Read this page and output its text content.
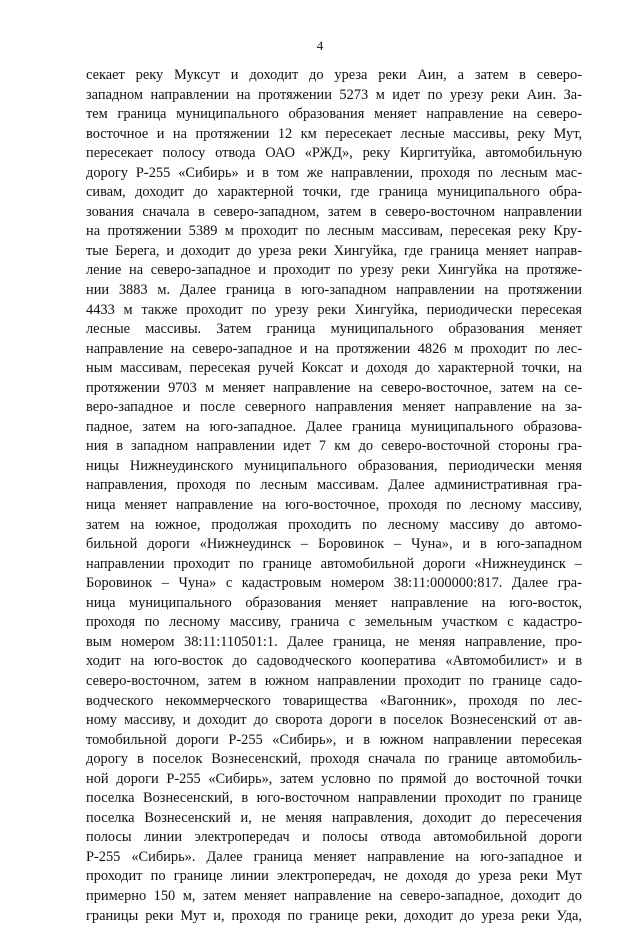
4
секает реку Муксут и доходит до уреза реки Аин, а затем в северо-
западном направлении на протяжении 5273 м идет по урезу реки Аин. За-
тем граница муниципального образования меняет направление на северо-
восточное и на протяжении 12 км пересекает лесные массивы, реку Мут,
пересекает полосу отвода ОАО «РЖД», реку Киргитуйка, автомобильную
дорогу Р-255 «Сибирь» и в том же направлении, проходя по лесным мас-
сивам, доходит до характерной точки, где граница муниципального обра-
зования сначала в северо-западном, затем в северо-восточном направлении
на протяжении 5389 м проходит по лесным массивам, пересекая реку Кру-
тые Берега, и доходит до уреза реки Хингуйка, где граница меняет направ-
ление на северо-западное и проходит по урезу реки Хингуйка на протяже-
нии 3883 м. Далее граница в юго-западном направлении на протяжении
4433 м также проходит по урезу реки Хингуйка, периодически пересекая
лесные массивы. Затем граница муниципального образования меняет
направление на северо-западное и на протяжении 4826 м проходит по лес-
ным массивам, пересекая ручей Коксат и доходя до характерной точки, на
протяжении 9703 м меняет направление на северо-восточное, затем на се-
веро-западное и после северного направления меняет направление на за-
падное, затем на юго-западное. Далее граница муниципального образова-
ния в западном направлении идет 7 км до северо-восточной стороны гра-
ницы Нижнеудинского муниципального образования, периодически меняя
направления, проходя по лесным массивам. Далее административная гра-
ница меняет направление на юго-восточное, проходя по лесному массиву,
затем на южное, продолжая проходить по лесному массиву до автомо-
бильной дороги «Нижнеудинск – Боровинок – Чуна», и в юго-западном
направлении проходит по границе автомобильной дороги «Нижнеудинск –
Боровинок – Чуна» с кадастровым номером 38:11:000000:817. Далее гра-
ница муниципального образования меняет направление на юго-восток,
проходя по лесному массиву, граничa с земельным участком с кадастро-
вым номером 38:11:110501:1. Далее граница, не меняя направление, про-
ходит на юго-восток до садоводческого кооператива «Автомобилист» и в
северо-восточном, затем в южном направлении проходит по границе садо-
водческого некоммерческого товарищества «Вагонник», проходя по лес-
ному массиву, и доходит до сворота дороги в поселок Вознесенский от ав-
томобильной дороги Р-255 «Сибирь», и в южном направлении пересекая
дорогу в поселок Вознесенский, проходя сначала по границе автомобиль-
ной дороги Р-255 «Сибирь», затем условно по прямой до восточной точки
поселка Вознесенский, в юго-восточном направлении проходит по границе
поселка Вознесенский и, не меняя направления, доходит до пересечения
полосы линии электропередач и полосы отвода автомобильной дороги
Р-255 «Сибирь». Далее граница меняет направление на юго-западное и
проходит по границе линии электропередач, не доходя до уреза реки Мут
примерно 150 м, затем меняет направление на северо-западное, доходит до
границы реки Мут и, проходя по границе реки, доходит до уреза реки Уда,
